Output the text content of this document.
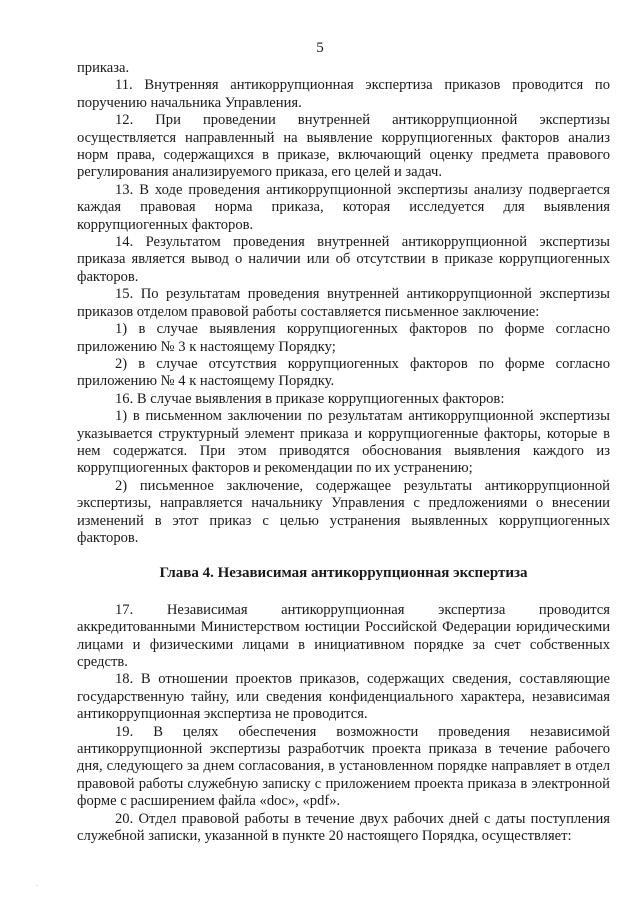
5

приказа.

11. Внутренняя антикоррупционная экспертиза приказов проводится по поручению начальника Управления.

12. При проведении внутренней антикоррупционной экспертизы осуществляется направленный на выявление коррупциогенных факторов анализ норм права, содержащихся в приказе, включающий оценку предмета правового регулирования анализируемого приказа, его целей и задач.

13. В ходе проведения антикоррупционной экспертизы анализу подвергается каждая правовая норма приказа, которая исследуется для выявления коррупциогенных факторов.

14. Результатом проведения внутренней антикоррупционной экспертизы приказа является вывод о наличии или об отсутствии в приказе коррупциогенных факторов.

15. По результатам проведения внутренней антикоррупционной экспертизы приказов отделом правовой работы составляется письменное заключение:

1) в случае выявления коррупциогенных факторов по форме согласно приложению № 3 к настоящему Порядку;

2) в случае отсутствия коррупциогенных факторов по форме согласно приложению № 4 к настоящему Порядку.

16. В случае выявления в приказе коррупциогенных факторов:

1) в письменном заключении по результатам антикоррупционной экспертизы указывается структурный элемент приказа и коррупциогенные факторы, которые в нем содержатся. При этом приводятся обоснования выявления каждого из коррупциогенных факторов и рекомендации по их устранению;

2) письменное заключение, содержащее результаты антикоррупционной экспертизы, направляется начальнику Управления с предложениями о внесении изменений в этот приказ с целью устранения выявленных коррупциогенных факторов.

Глава 4. Независимая антикоррупционная экспертиза

17. Независимая антикоррупционная экспертиза проводится аккредитованными Министерством юстиции Российской Федерации юридическими лицами и физическими лицами в инициативном порядке за счет собственных средств.

18. В отношении проектов приказов, содержащих сведения, составляющие государственную тайну, или сведения конфиденциального характера, независимая антикоррупционная экспертиза не проводится.

19. В целях обеспечения возможности проведения независимой антикоррупционной экспертизы разработчик проекта приказа в течение рабочего дня, следующего за днем согласования, в установленном порядке направляет в отдел правовой работы служебную записку с приложением проекта приказа в электронной форме с расширением файла «doc», «pdf».

20. Отдел правовой работы в течение двух рабочих дней с даты поступления служебной записки, указанной в пункте 20 настоящего Порядка, осуществляет:

.
